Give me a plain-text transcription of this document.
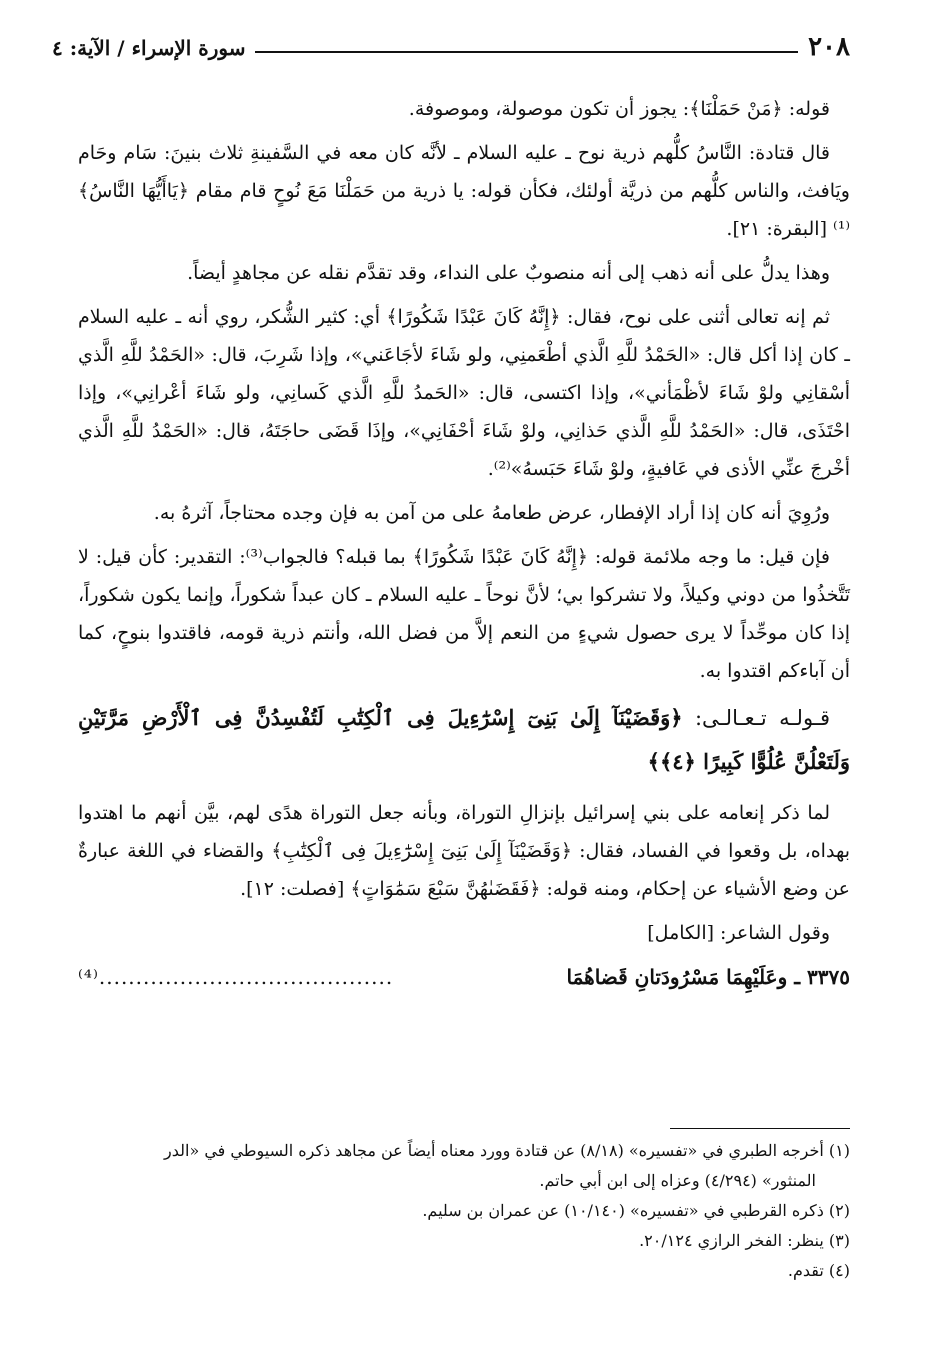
٢٠٨
سورة الإسراء / الآية: ٤

قوله: ﴿مَنْ حَمَلْنَا﴾: يجوز أن تكون موصولة، وموصوفة.

قال قتادة: النَّاسُ كلُّهم ذرية نوح ـ عليه السلام ـ لأنَّه كان معه في السَّفينةِ ثلاث بنينَ: سَام وحَام ويَافث، والناس كلُّهم من ذريَّة أولئك، فكأن قوله: يا ذرية من حَمَلْنَا مَعَ نُوحٍ قام مقام ﴿يَاأَيُّهَا النَّاسُ﴾⁽¹⁾ [البقرة: ٢١].

وهذا يدلُّ على أنه ذهب إلى أنه منصوبٌ على النداء، وقد تقدَّم نقله عن مجاهدٍ أيضاً.

ثم إنه تعالى أثنى على نوح، فقال: ﴿إِنَّهُ كَانَ عَبْدًا شَكُورًا﴾ أي: كثير الشُّكر، روي أنه ـ عليه السلام ـ كان إذا أكل قال: «الحَمْدُ للَّهِ الَّذي أطْعَمنِي، ولو شَاءَ لأجَاعَني»، وإذا شَرِبَ، قال: «الحَمْدُ للَّهِ الَّذي أسْقانِي ولوْ شَاءَ لأظْمَأني»، وإذا اكتسى، قال: «الحَمدُ للَّهِ الَّذي كَسانِي، ولو شَاءَ أعْرانِي»، وإذا احْتَذَى، قال: «الحَمْدُ للَّهِ الَّذي حَذانِي، ولوْ شَاءَ أحْفَانِي»، وإذَا قَضَى حاجَتَهُ، قال: «الحَمْدُ للَّهِ الَّذي أخْرجَ عنِّي الأذى في عَافيةٍ، ولوْ شَاءَ حَبَسهُ»⁽²⁾.

ورُوِيَ أنه كان إذا أراد الإفطار، عرض طعامهُ على من آمن به فإن وجده محتاجاً، آثرهُ به.

فإن قيل: ما وجه ملائمة قوله: ﴿إِنَّهُ كَانَ عَبْدًا شَكُورًا﴾ بما قبله؟ فالجواب⁽³⁾: التقدير: كأن قيل: لا تَتَّخذُوا من دوني وكيلاً، ولا تشركوا بي؛ لأنَّ نوحاً ـ عليه السلام ـ كان عبداً شكوراً، وإنما يكون شكوراً، إذا كان موحِّداً لا يرى حصول شيءٍ من النعم إلاَّ من فضل الله، وأنتم ذرية قومه، فاقتدوا بنوحٍ، كما أن آباءكم اقتدوا به.

قـولـه تـعـالـى: ﴿وَقَضَيْنَآ إِلَىٰ بَنِىٓ إِسْرَٰٓءِيلَ فِى ٱلْكِتَٰبِ لَتُفْسِدُنَّ فِى ٱلْأَرْضِ مَرَّتَيْنِ وَلَتَعْلُنَّ عُلُوًّا كَبِيرًا ﴿٤﴾﴾

لما ذكر إنعامه على بني إسرائيل بإنزالِ التوراة، وبأنه جعل التوراة هدًى لهم، بيَّن أنهم ما اهتدوا بهداه، بل وقعوا في الفساد، فقال: ﴿وَقَضَيْنَآ إِلَىٰ بَنِىٓ إِسْرَٰٓءِيلَ فِى ٱلْكِتَٰبِ﴾ والقضاء في اللغة عبارةٌ عن وضع الأشياء عن إحكام، ومنه قوله: ﴿فَقَضَىٰهُنَّ سَبْعَ سَمَٰوَاتٍ﴾ [فصلت: ١٢].

وقول الشاعر: [الكامل]

٣٣٧٥ ـ وعَلَيْهِمَا مَسْرُودَتانِ قَضاهُمَا
........................................⁽⁴⁾
(١) أخرجه الطبري في «تفسيره» (٨/١٨) عن قتادة وورد معناه أيضاً عن مجاهد ذكره السيوطي في «الدر
المنثور» (٤/٢٩٤) وعزاه إلى ابن أبي حاتم.
(٢) ذكره القرطبي في «تفسيره» (١٠/١٤٠) عن عمران بن سليم.
(٣) ينظر: الفخر الرازي ٢٠/١٢٤.
(٤) تقدم.
